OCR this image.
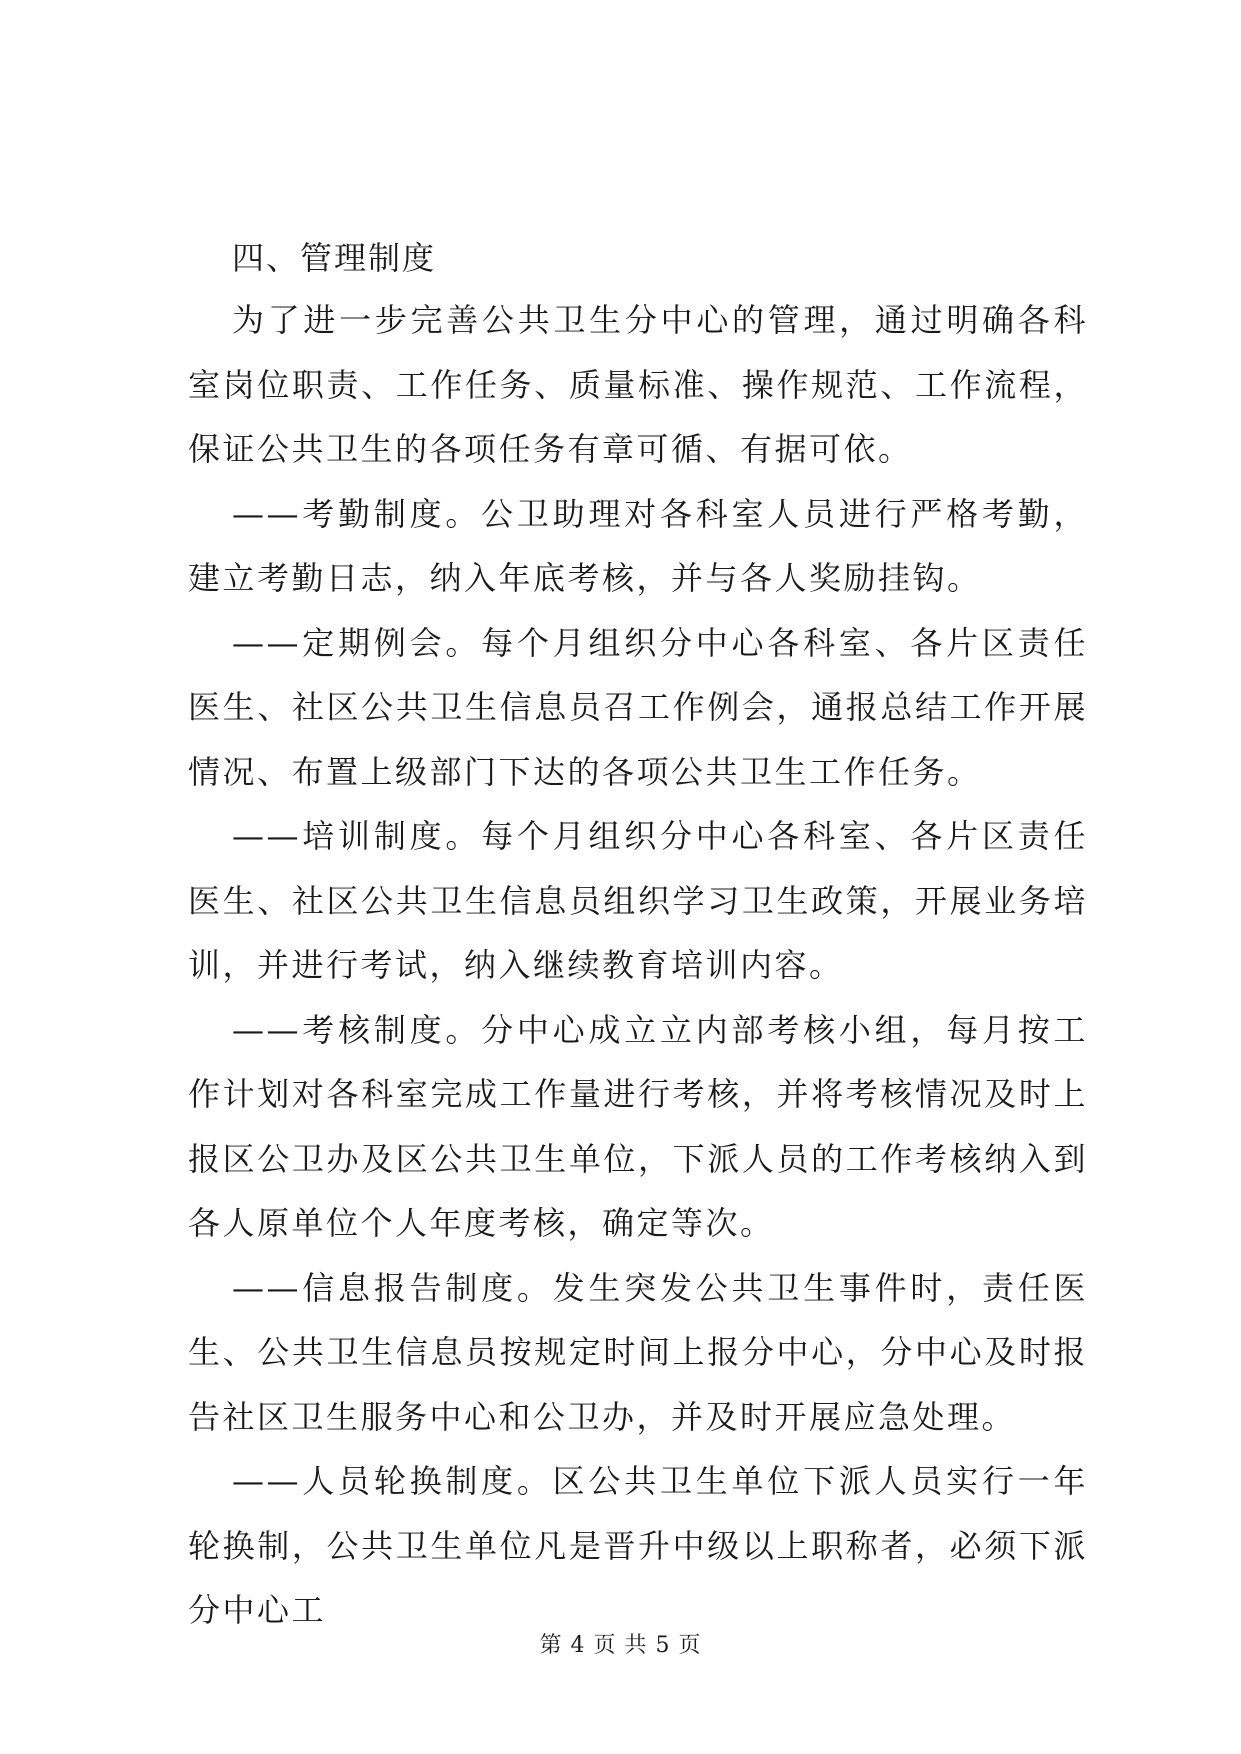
四、管理制度

为了进一步完善公共卫生分中心的管理，通过明确各科室岗位职责、工作任务、质量标准、操作规范、工作流程，保证公共卫生的各项任务有章可循、有据可依。

——考勤制度。公卫助理对各科室人员进行严格考勤，建立考勤日志，纳入年底考核，并与各人奖励挂钩。

——定期例会。每个月组织分中心各科室、各片区责任医生、社区公共卫生信息员召工作例会，通报总结工作开展情况、布置上级部门下达的各项公共卫生工作任务。

——培训制度。每个月组织分中心各科室、各片区责任医生、社区公共卫生信息员组织学习卫生政策，开展业务培训，并进行考试，纳入继续教育培训内容。

——考核制度。分中心成立立内部考核小组，每月按工作计划对各科室完成工作量进行考核，并将考核情况及时上报区公卫办及区公共卫生单位，下派人员的工作考核纳入到各人原单位个人年度考核，确定等次。

——信息报告制度。发生突发公共卫生事件时，责任医生、公共卫生信息员按规定时间上报分中心，分中心及时报告社区卫生服务中心和公卫办，并及时开展应急处理。

——人员轮换制度。区公共卫生单位下派人员实行一年轮换制，公共卫生单位凡是晋升中级以上职称者，必须下派分中心工

第 4 页 共 5 页
